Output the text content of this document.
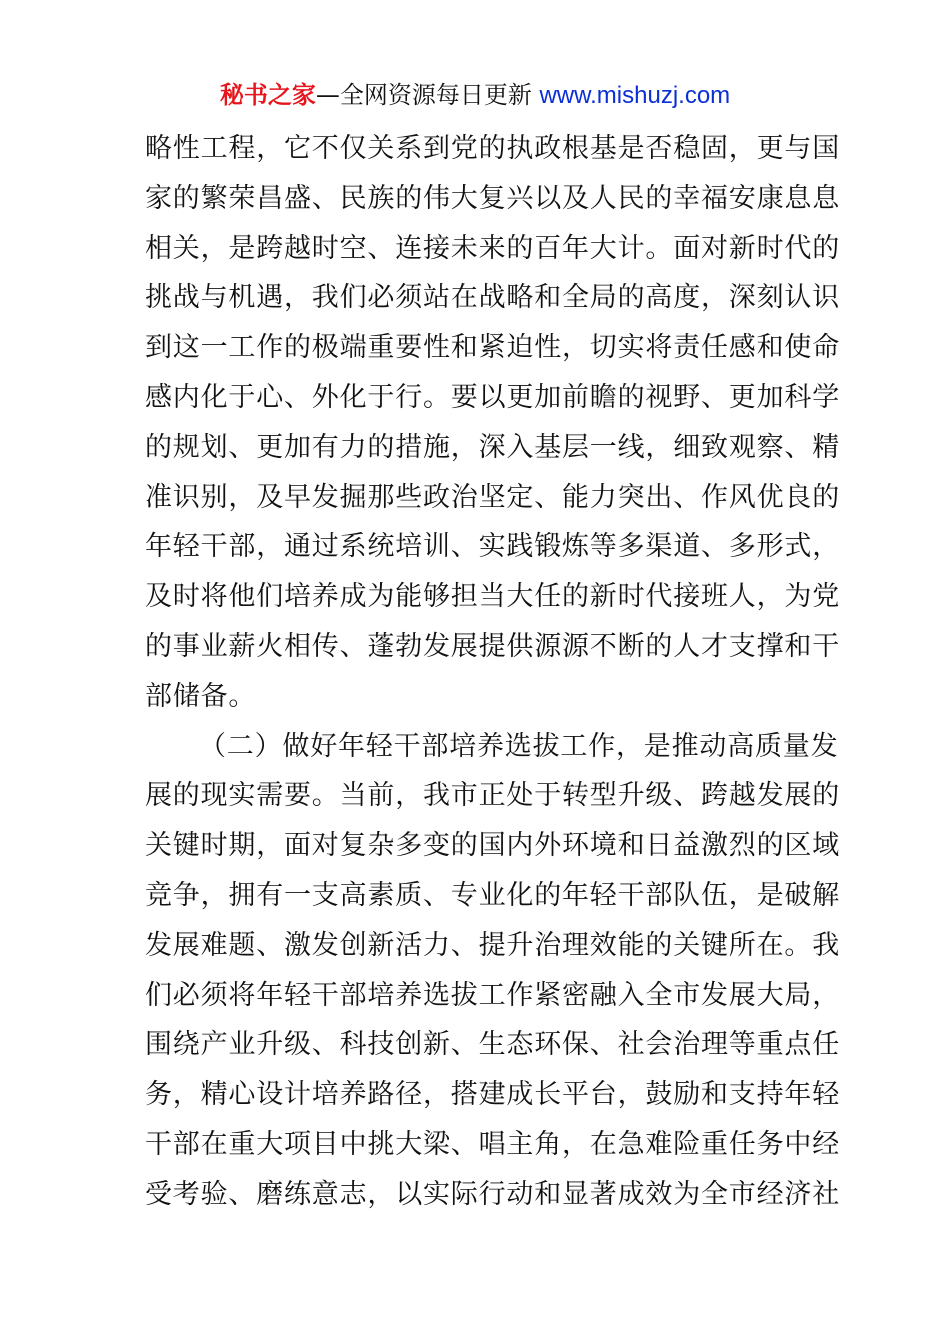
秘书之家—全网资源每日更新 www.mishuzj.com
略性工程，它不仅关系到党的执政根基是否稳固，更与国
家的繁荣昌盛、民族的伟大复兴以及人民的幸福安康息息
相关，是跨越时空、连接未来的百年大计。面对新时代的
挑战与机遇，我们必须站在战略和全局的高度，深刻认识
到这一工作的极端重要性和紧迫性，切实将责任感和使命
感内化于心、外化于行。要以更加前瞻的视野、更加科学
的规划、更加有力的措施，深入基层一线，细致观察、精
准识别，及早发掘那些政治坚定、能力突出、作风优良的
年轻干部，通过系统培训、实践锻炼等多渠道、多形式，
及时将他们培养成为能够担当大任的新时代接班人，为党
的事业薪火相传、蓬勃发展提供源源不断的人才支撑和干
部储备。
（二）做好年轻干部培养选拔工作，是推动高质量发
展的现实需要。当前，我市正处于转型升级、跨越发展的
关键时期，面对复杂多变的国内外环境和日益激烈的区域
竞争，拥有一支高素质、专业化的年轻干部队伍，是破解
发展难题、激发创新活力、提升治理效能的关键所在。我
们必须将年轻干部培养选拔工作紧密融入全市发展大局，
围绕产业升级、科技创新、生态环保、社会治理等重点任
务，精心设计培养路径，搭建成长平台，鼓励和支持年轻
干部在重大项目中挑大梁、唱主角，在急难险重任务中经
受考验、磨练意志，以实际行动和显著成效为全市经济社
